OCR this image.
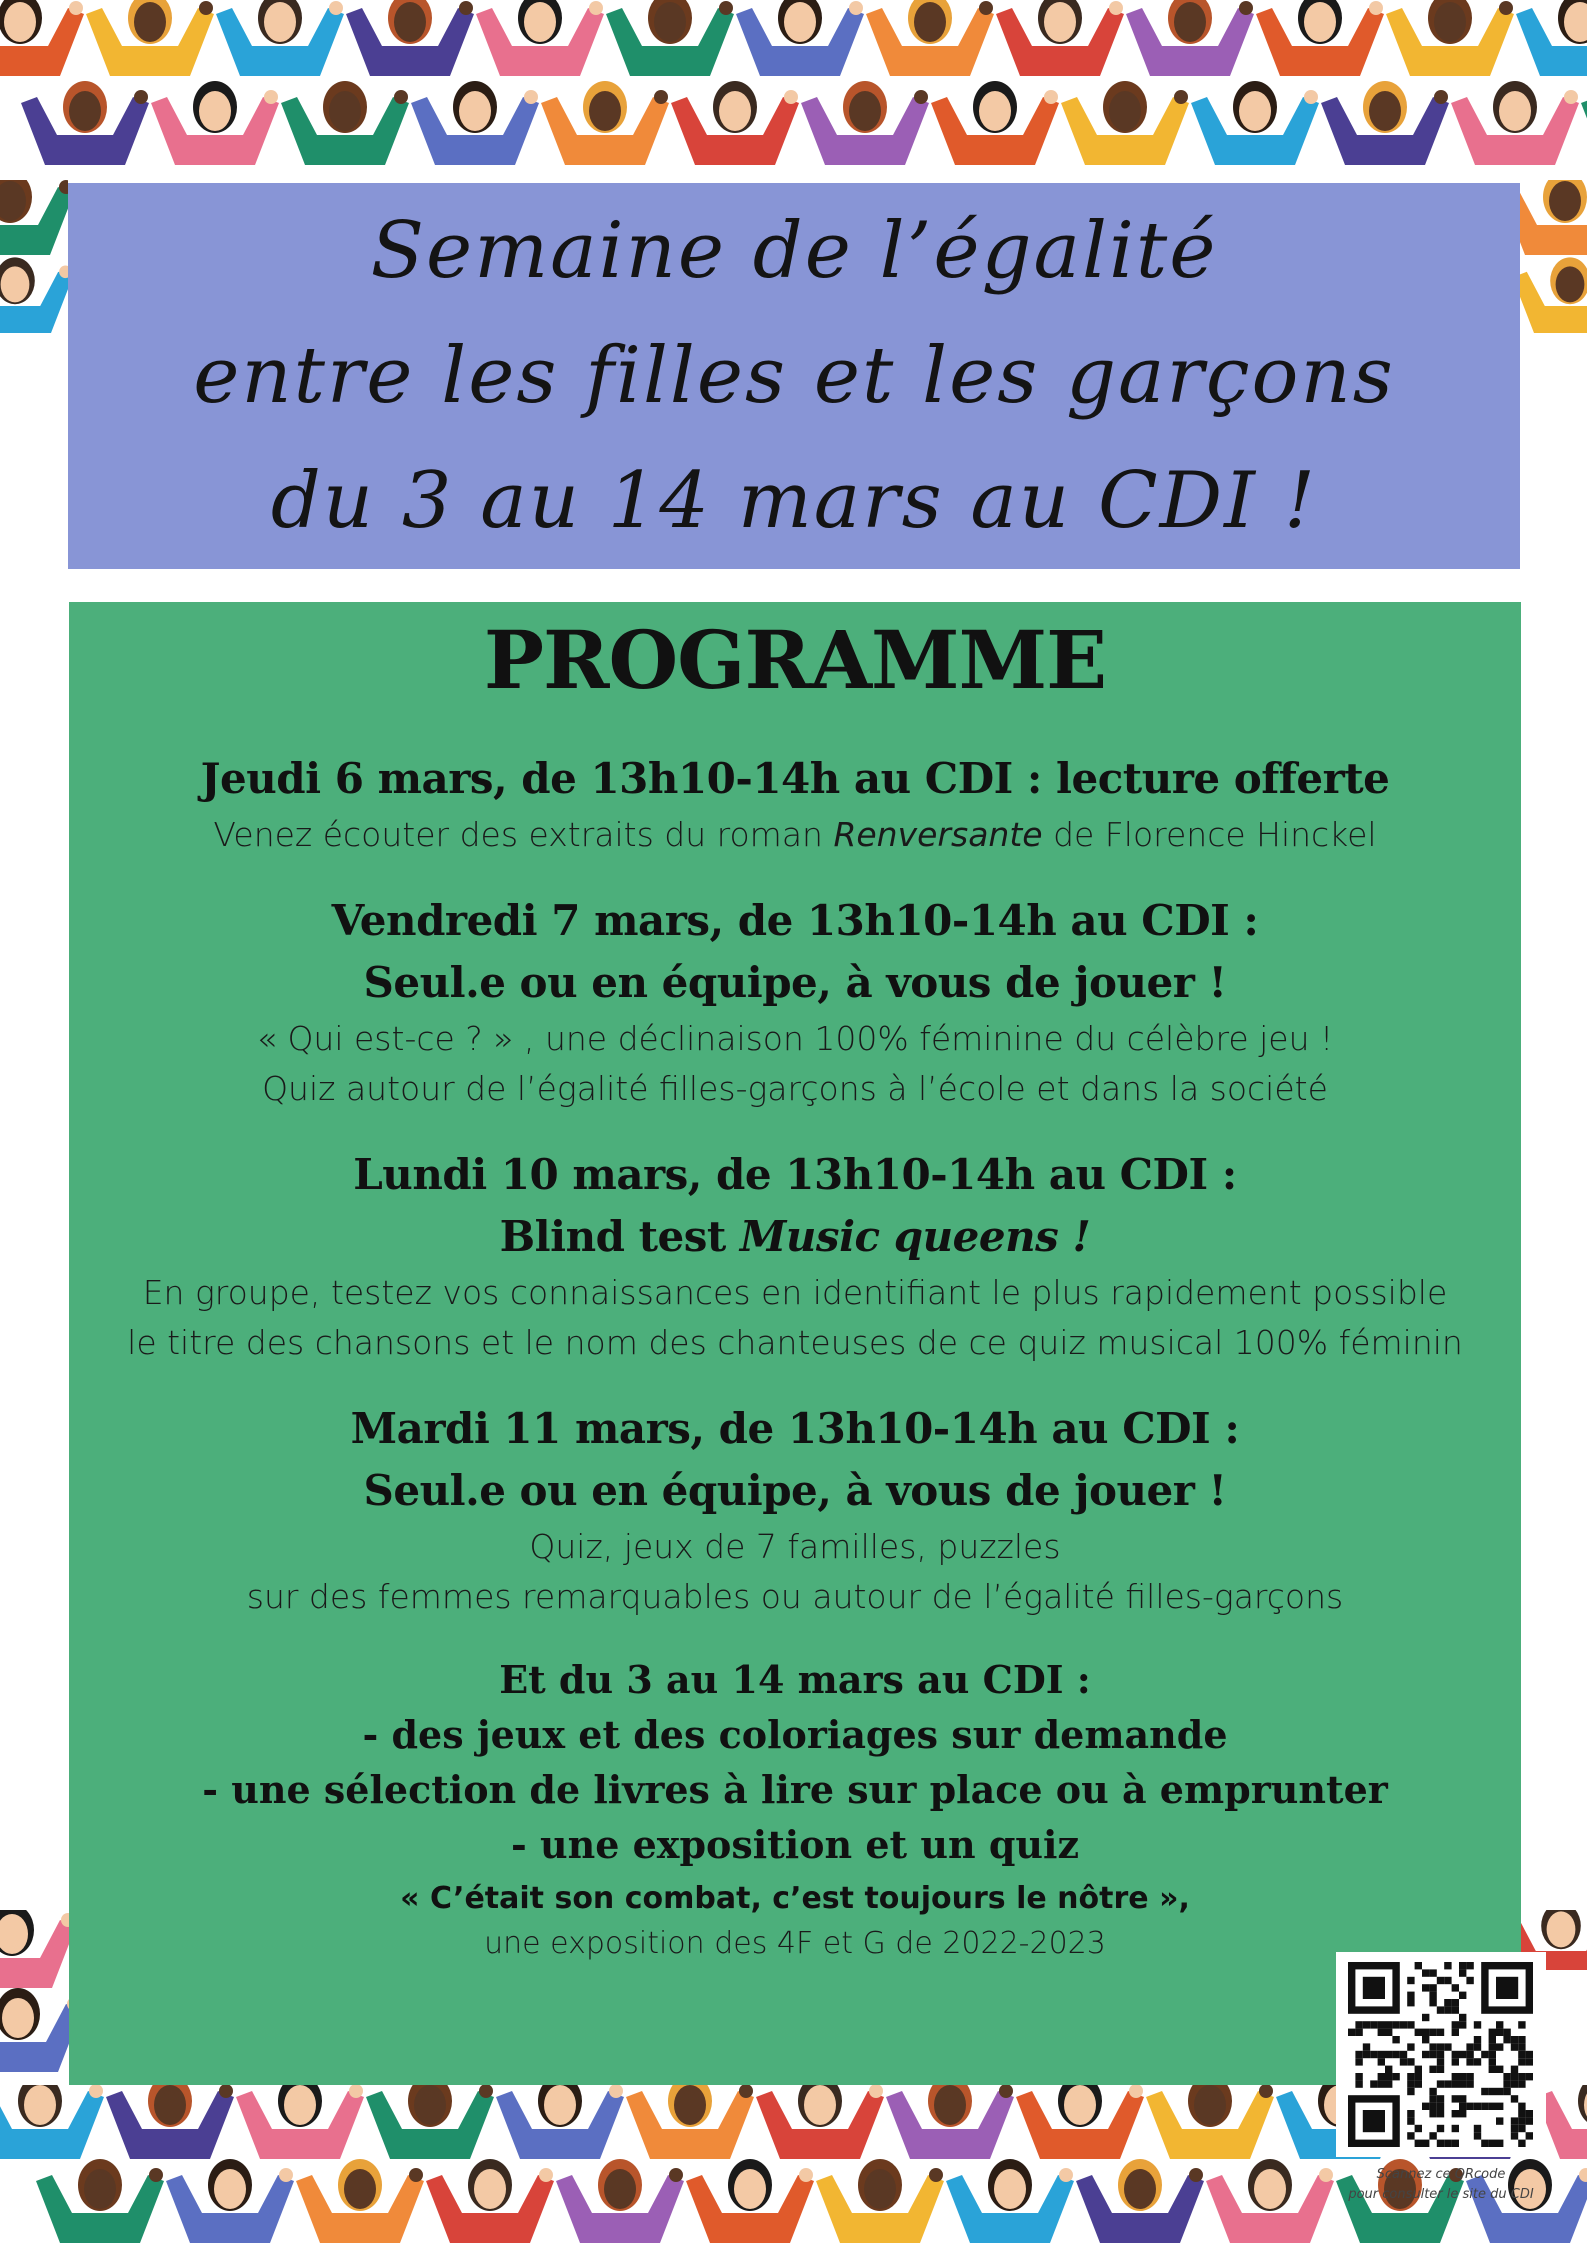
Semaine de l’égalité
entre les filles et les garçons
du 3 au 14 mars au CDI !
PROGRAMME
Jeudi 6 mars, de 13h10-14h au CDI : lecture offerte
Venez écouter des extraits du roman Renversante de Florence Hinckel
Vendredi 7 mars, de 13h10-14h au CDI :
Seul.e ou en équipe, à vous de jouer !
« Qui est-ce ? » , une déclinaison 100% féminine du célèbre jeu !
Quiz autour de l’égalité filles-garçons à l’école et dans la société
Lundi 10 mars, de 13h10-14h au CDI :
Blind test Music queens !
En groupe, testez vos connaissances en identifiant le plus rapidement possible
le titre des chansons et le nom des chanteuses de ce quiz musical 100% féminin
Mardi 11 mars, de 13h10-14h au CDI :
Seul.e ou en équipe, à vous de jouer !
Quiz, jeux de 7 familles, puzzles
sur des femmes remarquables ou autour de l’égalité filles-garçons
Et du 3 au 14 mars au CDI :
- des jeux et des coloriages sur demande
- une sélection de livres à lire sur place ou à emprunter
- une exposition et un quiz
« C’était son combat, c’est toujours le nôtre »,
une exposition des 4F et G de 2022-2023
Scannez ce QRcode
pour consulter le site du CDI
